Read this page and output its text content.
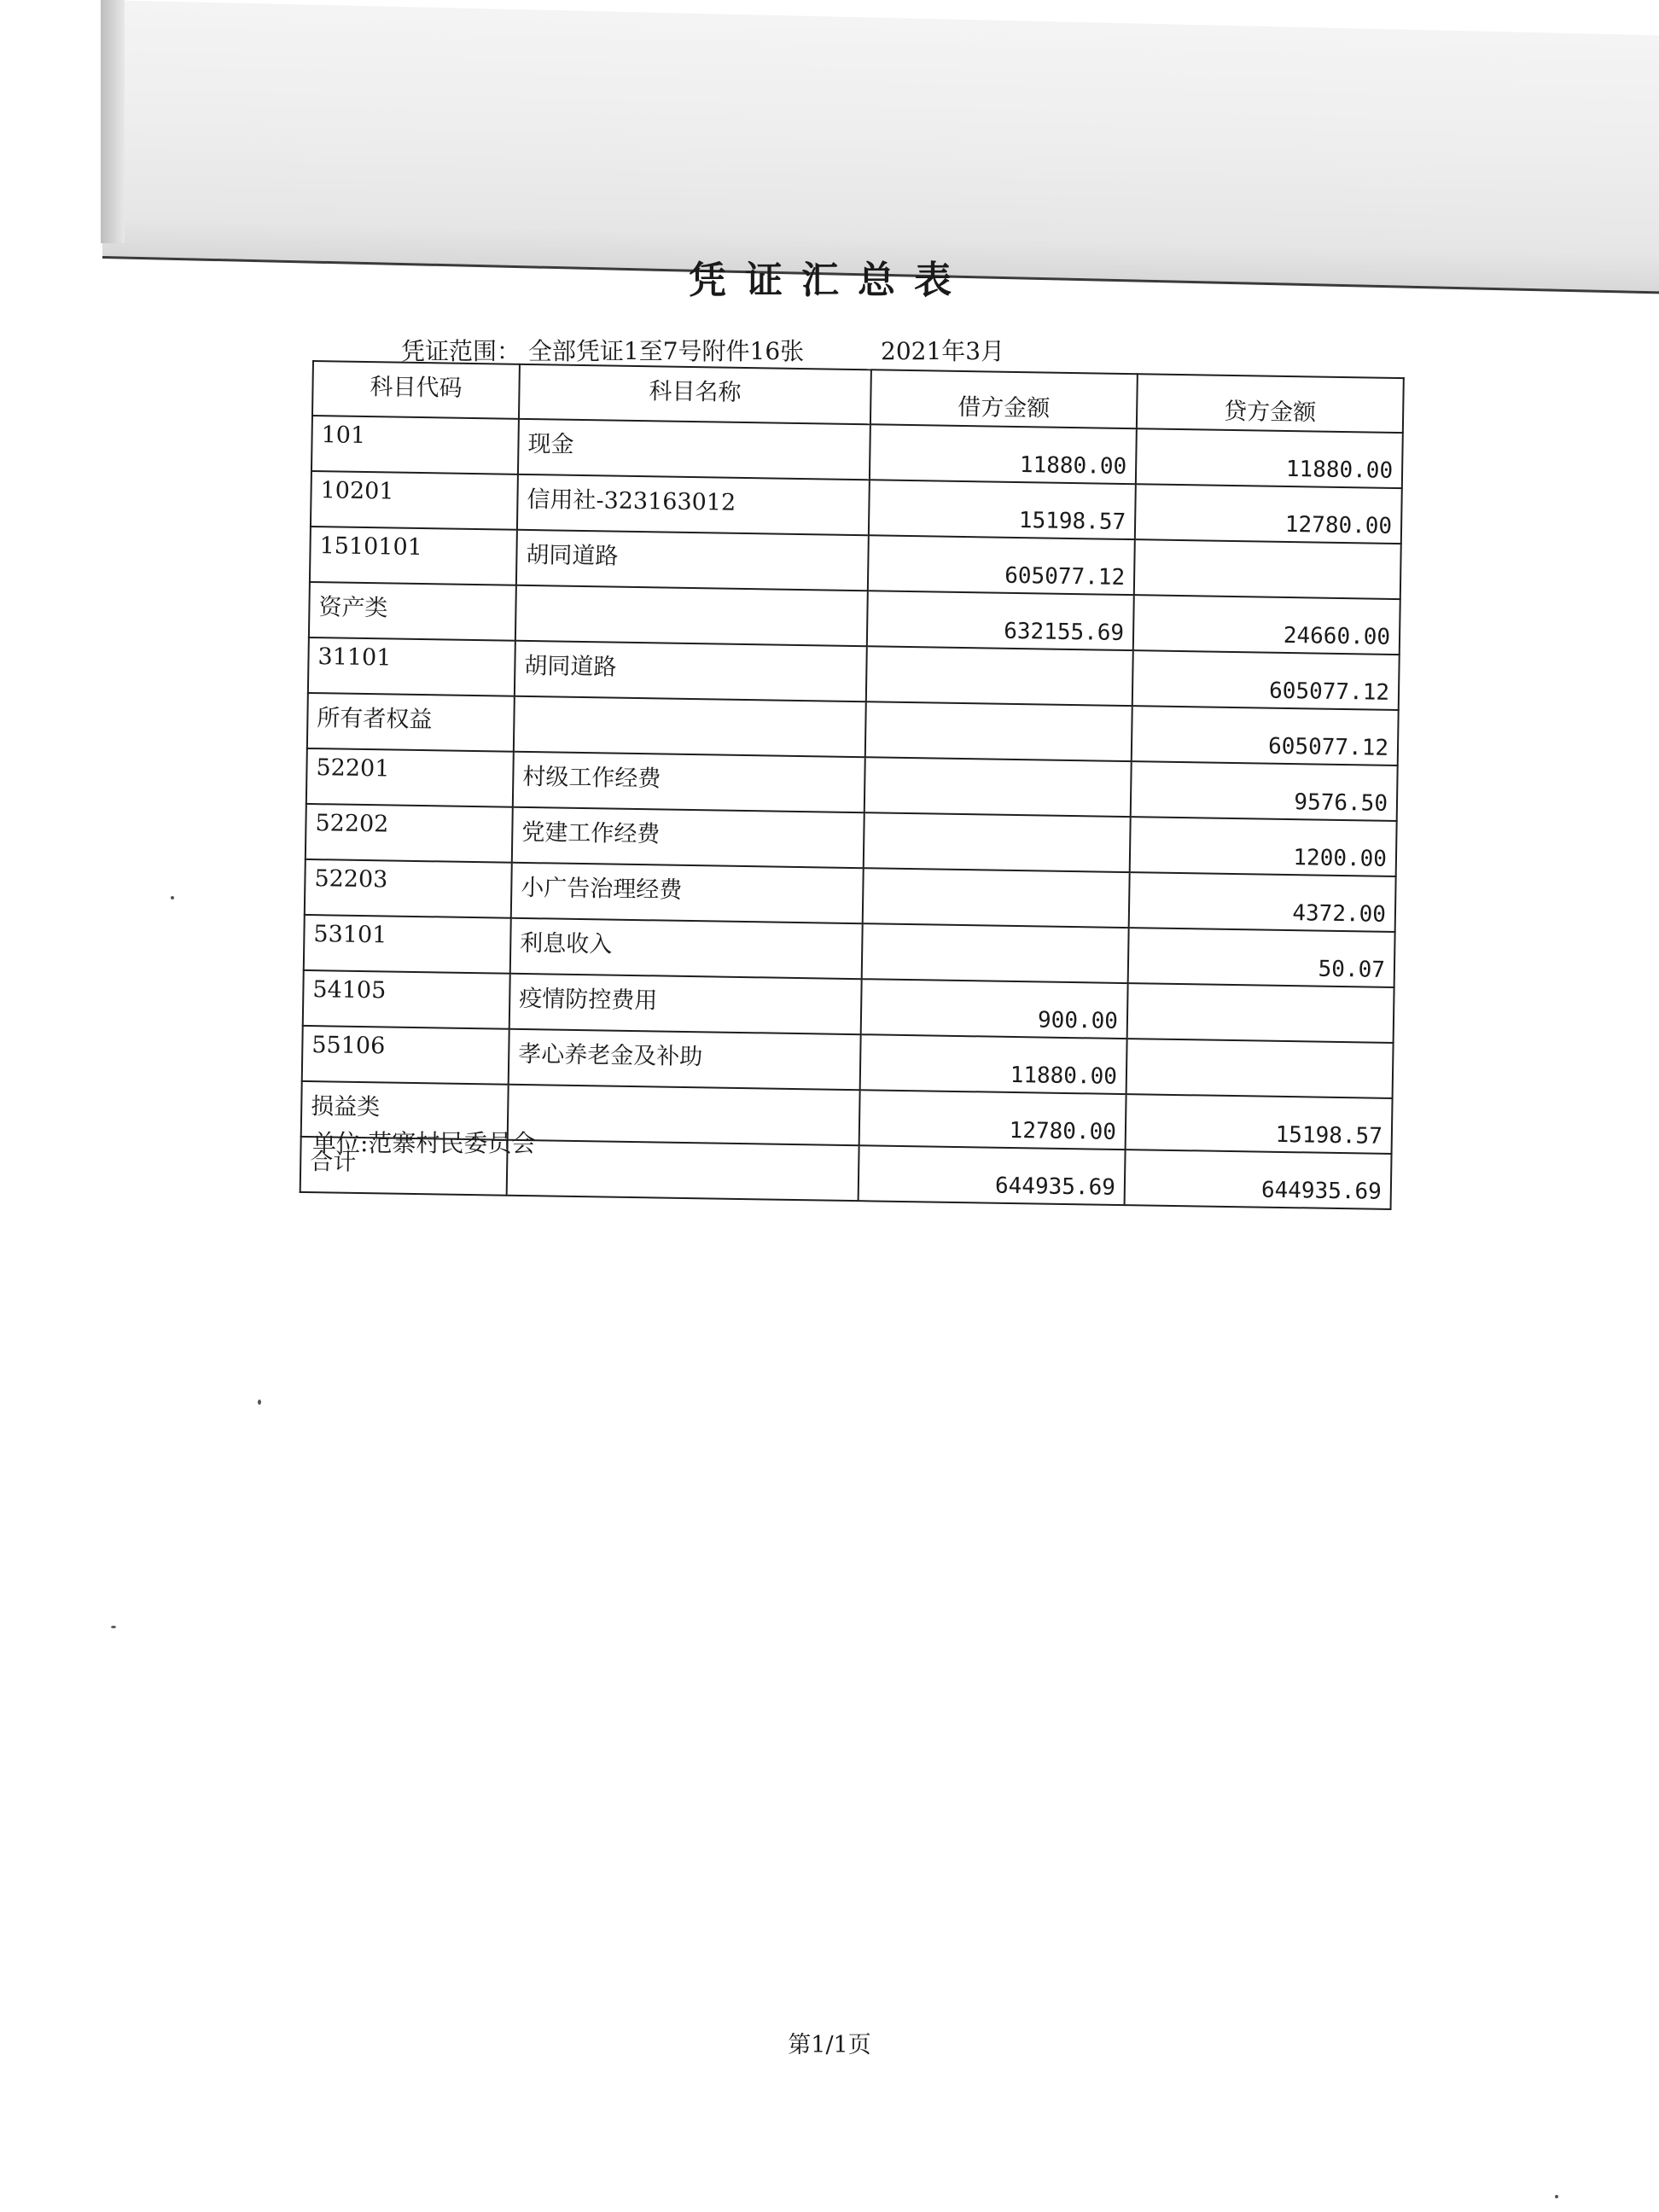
凭证汇总表
凭证范围： 全部凭证1至7号附件16张	2021年3月
科目代码	科目名称	借方金额	贷方金额
101	现金	11880.00	11880.00
10201	信用社-323163012	15198.57	12780.00
1510101	胡同道路	605077.12	
资产类		632155.69	24660.00
31101	胡同道路		605077.12
所有者权益			605077.12
52201	村级工作经费		9576.50
52202	党建工作经费		1200.00
52203	小广告治理经费		4372.00
53101	利息收入		50.07
54105	疫情防控费用	900.00	
55106	孝心养老金及补助	11880.00	
损益类		12780.00	15198.57
合计		644935.69	644935.69
单位:范寨村民委员会
第1/1页
